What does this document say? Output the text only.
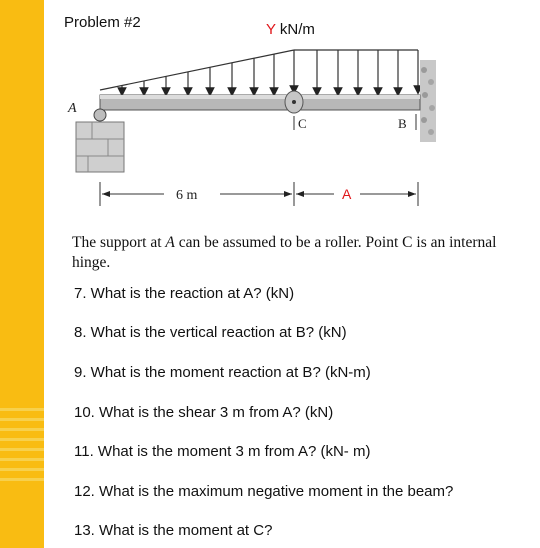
Problem #2	Y kN/m
A
C	B
6 m	A
The support at A can be assumed to be a roller. Point C is an internal hinge.
7. What is the reaction at A? (kN)
8. What is the vertical reaction at B? (kN)
9. What is the moment reaction at B? (kN-m)
10. What is the shear 3 m from A? (kN)
11. What is the moment 3 m from A? (kN- m)
12. What is the maximum negative moment in the beam?
13. What is the moment at C?
